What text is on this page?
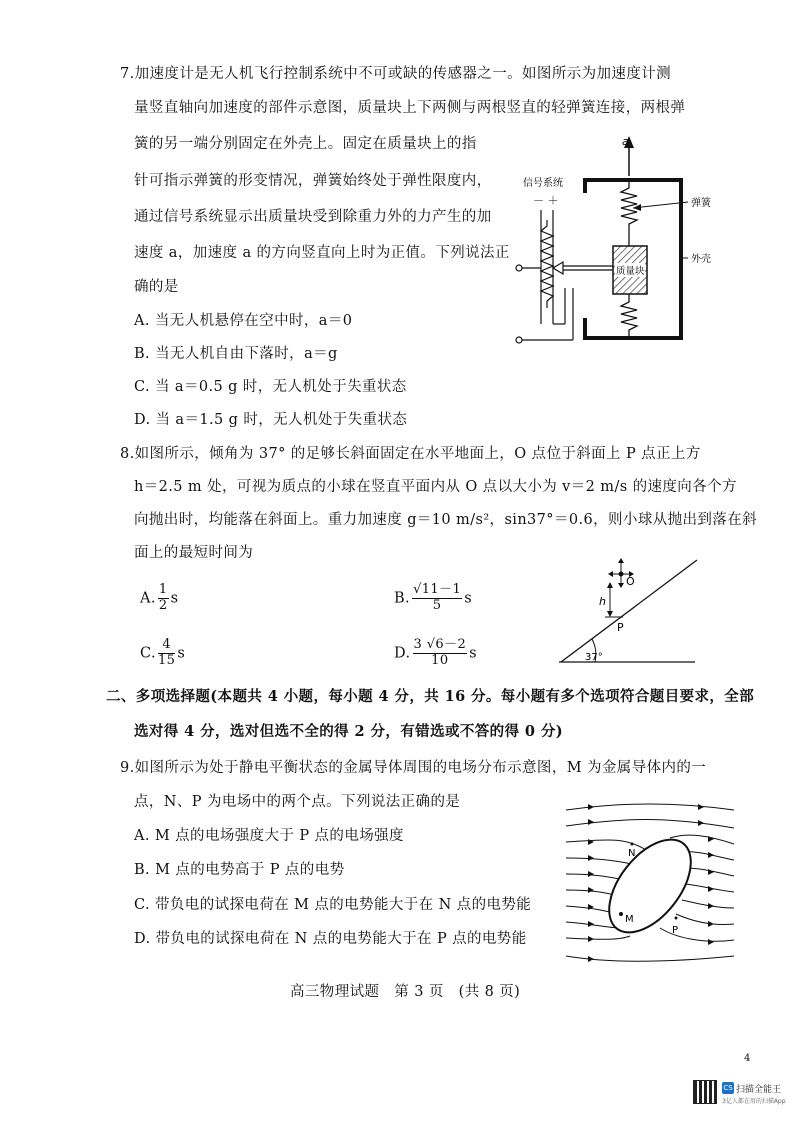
7.加速度计是无人机飞行控制系统中不可或缺的传感器之一。如图所示为加速度计测
量竖直轴向加速度的部件示意图，质量块上下两侧与两根竖直的轻弹簧连接，两根弹
簧的另一端分别固定在外壳上。固定在质量块上的指
针可指示弹簧的形变情况，弹簧始终处于弹性限度内，
通过信号系统显示出质量块受到除重力外的力产生的加
速度 a，加速度 a 的方向竖直向上时为正值。下列说法正
确的是
A. 当无人机悬停在空中时，a＝0
B. 当无人机自由下落时，a＝g
C. 当 a＝0.5 g 时，无人机处于失重状态
D. 当 a＝1.5 g 时，无人机处于失重状态
a
质量块
弹簧
外壳
信号系统
－ ＋
8.如图所示，倾角为 37° 的足够长斜面固定在水平地面上，O 点位于斜面上 P 点正上方
h＝2.5 m 处，可视为质点的小球在竖直平面内从 O 点以大小为 v＝2 m/s 的速度向各个方
向抛出时，均能落在斜面上。重力加速度 g＝10 m/s²，sin37°＝0.6，则小球从抛出到落在斜
面上的最短时间为
A. $\frac{1}{2}$ s	B. $\frac{√11-1}{5}$ s
C. $\frac{4}{15}$ s	D. $\frac{3 √6-2}{10}$ s	37°
O
h
P
二、多项选择题(本题共 4 小题，每小题 4 分，共 16 分。每小题有多个选项符合题目要求，全部
选对得 4 分，选对但选不全的得 2 分，有错选或不答的得 0 分)
9.如图所示为处于静电平衡状态的金属导体周围的电场分布示意图，M 为金属导体内的一
点，N、P 为电场中的两个点。下列说法正确的是
A. M 点的电场强度大于 P 点的电场强度
B. M 点的电势高于 P 点的电势
C. 带负电的试探电荷在 M 点的电势能大于在 N 点的电势能
D. 带负电的试探电荷在 N 点的电势能大于在 P 点的电势能
N
M
P
高三物理试题　第 3 页　(共 8 页)
4
CS 扫描全能王
3亿人都在用的扫描App
